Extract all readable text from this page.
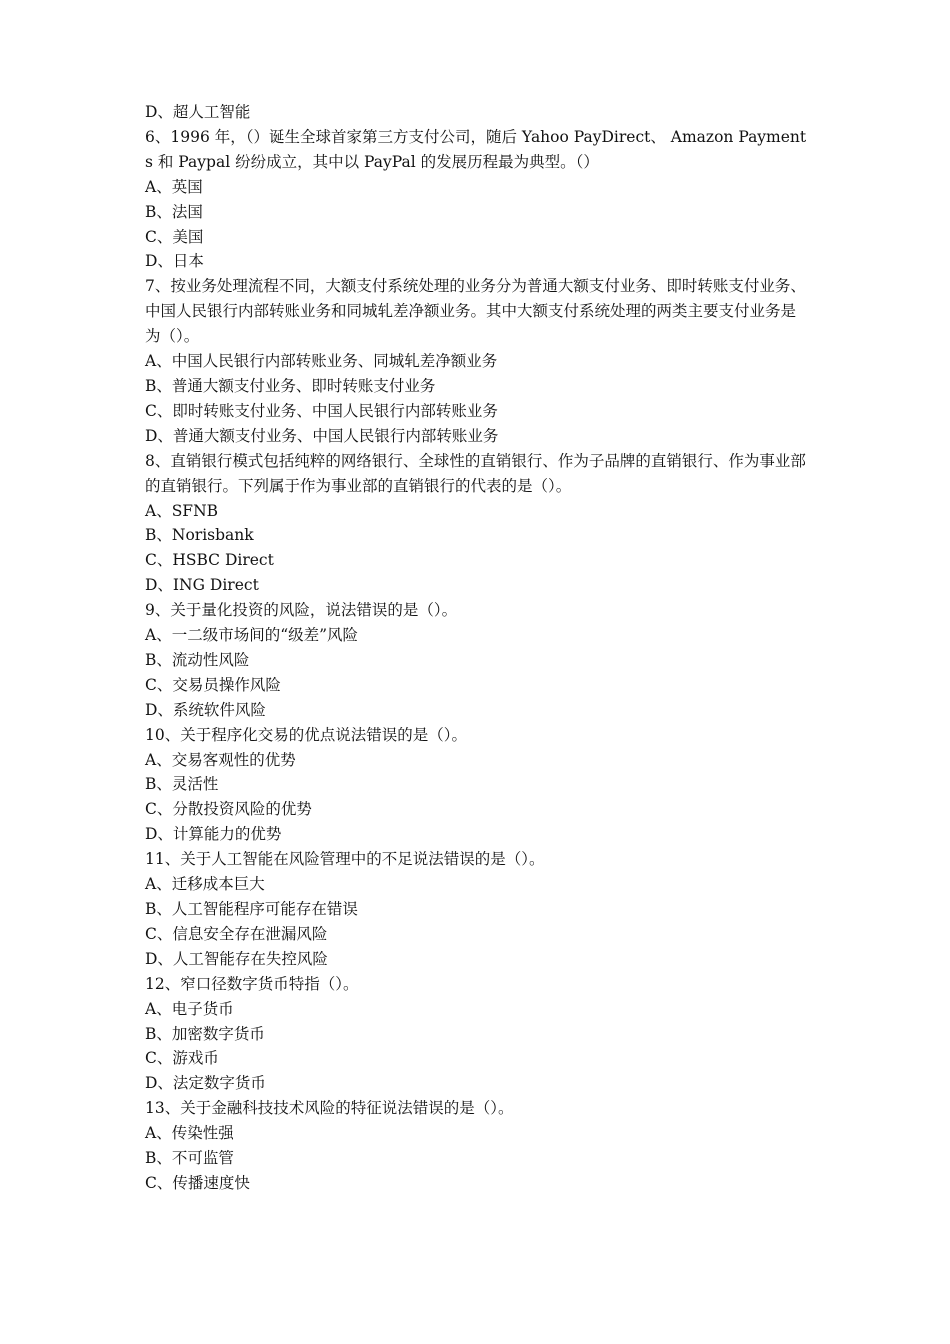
D、超人工智能

6、1996 年，（）诞生全球首家第三方支付公司，随后 Yahoo PayDirect、 Amazon Payments 和 Paypal 纷纷成立，其中以 PayPal 的发展历程最为典型。（）

A、英国

B、法国

C、美国

D、日本

7、按业务处理流程不同，大额支付系统处理的业务分为普通大额支付业务、即时转账支付业务、中国人民银行内部转账业务和同城轧差净额业务。其中大额支付系统处理的两类主要支付业务是为（）。

A、中国人民银行内部转账业务、同城轧差净额业务

B、普通大额支付业务、即时转账支付业务

C、即时转账支付业务、中国人民银行内部转账业务

D、普通大额支付业务、中国人民银行内部转账业务

8、直销银行模式包括纯粹的网络银行、全球性的直销银行、作为子品牌的直销银行、作为事业部的直销银行。下列属于作为事业部的直销银行的代表的是（）。

A、SFNB

B、Norisbank

C、HSBC Direct

D、ING Direct

9、关于量化投资的风险，说法错误的是（）。

A、一二级市场间的“级差”风险

B、流动性风险

C、交易员操作风险

D、系统软件风险

10、关于程序化交易的优点说法错误的是（）。

A、交易客观性的优势

B、灵活性

C、分散投资风险的优势

D、计算能力的优势

11、关于人工智能在风险管理中的不足说法错误的是（）。

A、迁移成本巨大

B、人工智能程序可能存在错误

C、信息安全存在泄漏风险

D、人工智能存在失控风险

12、窄口径数字货币特指（）。

A、电子货币

B、加密数字货币

C、游戏币

D、法定数字货币

13、关于金融科技技术风险的特征说法错误的是（）。

A、传染性强

B、不可监管

C、传播速度快
